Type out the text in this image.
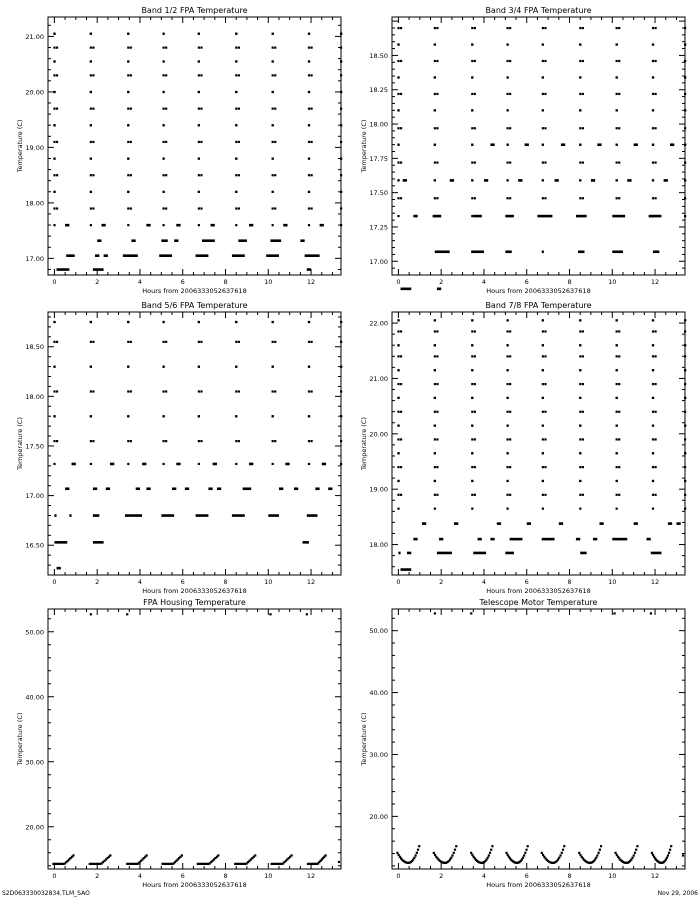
Band 1/2 FPA Temperature
Hours from 2006333052637618
Temperature (C)
0	2	4	6	8	10	12
17.00
18.00
19.00
20.00
21.00
Band 3/4 FPA Temperature
Hours from 2006333052637618
Temperature (C)
0	2	4	6	8	10	12
17.00
17.25
17.50
17.75
18.00
18.25
18.50
Band 5/6 FPA Temperature
Hours from 2006333052637618
Temperature (C)
0	2	4	6	8	10	12
16.50
17.00
17.50
18.00
18.50
Band 7/8 FPA Temperature
Hours from 2006333052637618
Temperature (C)
0	2	4	6	8	10	12
18.00
19.00
20.00
21.00
22.00
FPA Housing Temperature
Hours from 2006333052637618
Temperature (C)
0	2	4	6	8	10	12
20.00
30.00
40.00
50.00
Telescope Motor Temperature
Hours from 2006333052637618
Temperature (C)
0	2	4	6	8	10	12
20.00
30.00
40.00
50.00
S2D063330032834.TLM_SAO	Nov 29, 2006
